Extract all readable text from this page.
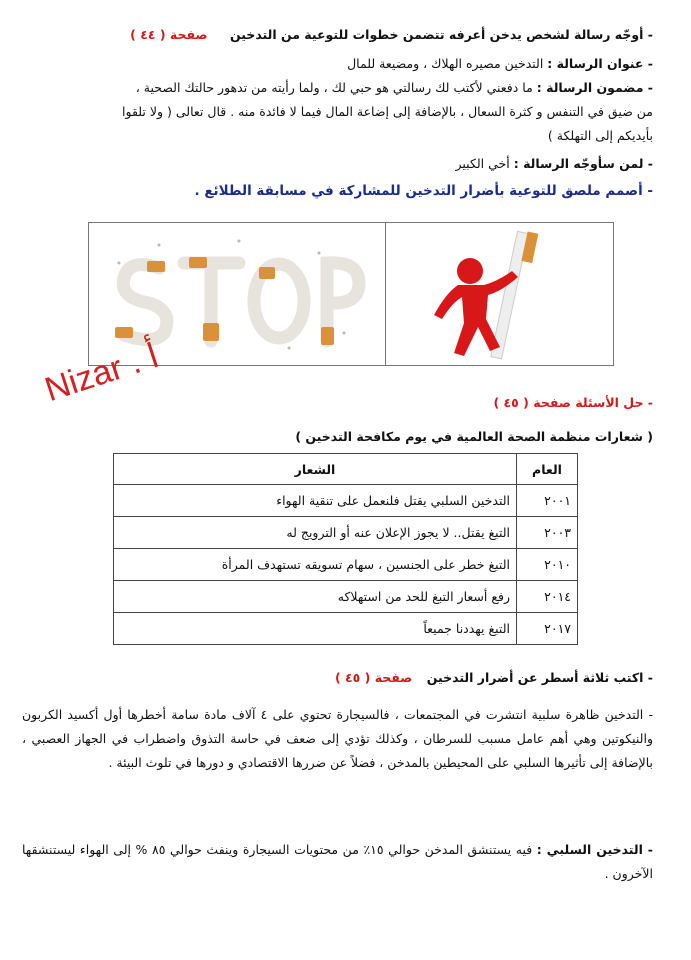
- أوجّه رسالة لشخص يدخن أعرفه تتضمن خطوات للتوعية من التدخين صفحة ( ٤٤ )
- عنوان الرسالة : التدخين مصيره الهلاك ، ومضيعة للمال
- مضمون الرسالة : ما دفعني لأكتب لك رسالتي هو حبي لك ، ولما رأيته من تدهور حالتك الصحية ،
من ضيق في التنفس و كثرة السعال ، بالإضافة إلى إضاعة المال فيما لا فائدة منه . قال تعالى ( ولا تلقوا
بأيديكم إلى التهلكة )
- لمن سأوجّه الرسالة : أخي الكبير
- أصمم ملصق للتوعية بأضرار التدخين للمشاركة في مسابقة الطلائع .
- حل الأسئلة صفحة ( ٤٥ )
( شعارات منظمة الصحة العالمية في يوم مكافحة التدخين )
العام	الشعار
٢٠٠١	التدخين السلبي يقتل فلنعمل على تنقية الهواء
٢٠٠٣	التبغ يقتل.. لا يجوز الإعلان عنه أو الترويج له
٢٠١٠	التبغ خطر على الجنسين ، سهام تسويقه تستهدف المرأة
٢٠١٤	رفع أسعار التبغ للحد من استهلاكه
٢٠١٧	التبغ يهددنا جميعاً
- اكتب ثلاثة أسطر عن أضرار التدخين صفحة ( ٤٥ )
- التدخين ظاهرة سلبية انتشرت في المجتمعات ، فالسيجارة تحتوي على ٤ آلاف مادة سامة أخطرها أول أكسيد الكربون والنيكوتين وهي أهم عامل مسبب للسرطان ، وكذلك تؤدي إلى ضعف في حاسة التذوق واضطراب في الجهاز العصبي ، بالإضافة إلى تأثيرها السلبي على المحيطين بالمدخن ، فضلاً عن ضررها الاقتصادي و دورها في تلوث البيئة .
- التدخين السلبي : فيه يستنشق المدخن حوالي ١٥٪ من محتويات السيجارة وينفث حوالي ٨٥ % إلى الهواء ليستنشقها الآخرون .
Nizar . أ
